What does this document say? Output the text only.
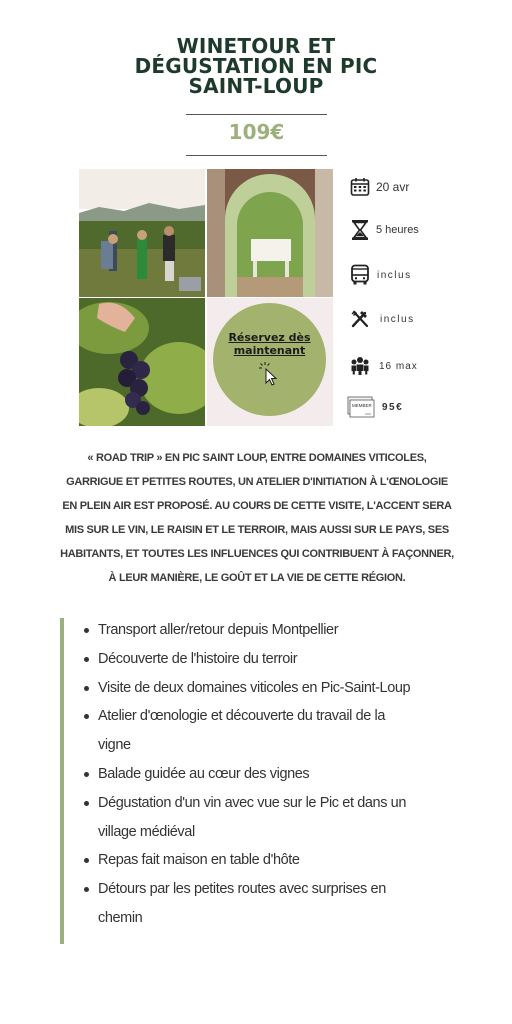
WINETOUR ET
DÉGUSTATION EN PIC
SAINT-LOUP
109€
Réservez dès
maintenant
20 avr
5 heures
inclus
inclus
16 max
MEMBER 95€
« ROAD TRIP » EN PIC SAINT LOUP, ENTRE DOMAINES VITICOLES, GARRIGUE ET PETITES ROUTES, UN ATELIER D'INITIATION À L'ŒNOLOGIE EN PLEIN AIR EST PROPOSÉ. AU COURS DE CETTE VISITE, L'ACCENT SERA MIS SUR LE VIN, LE RAISIN ET LE TERROIR, MAIS AUSSI SUR LE PAYS, SES HABITANTS, ET TOUTES LES INFLUENCES QUI CONTRIBUENT À FAÇONNER, À LEUR MANIÈRE, LE GOÛT ET LA VIE DE CETTE RÉGION.
Transport aller/retour depuis Montpellier
Découverte de l'histoire du terroir
Visite de deux domaines viticoles en Pic-Saint-Loup
Atelier d'œnologie et découverte du travail de la vigne
Balade guidée au cœur des vignes
Dégustation d'un vin avec vue sur le Pic et dans un village médiéval
Repas fait maison en table d'hôte
Détours par les petites routes avec surprises en chemin
